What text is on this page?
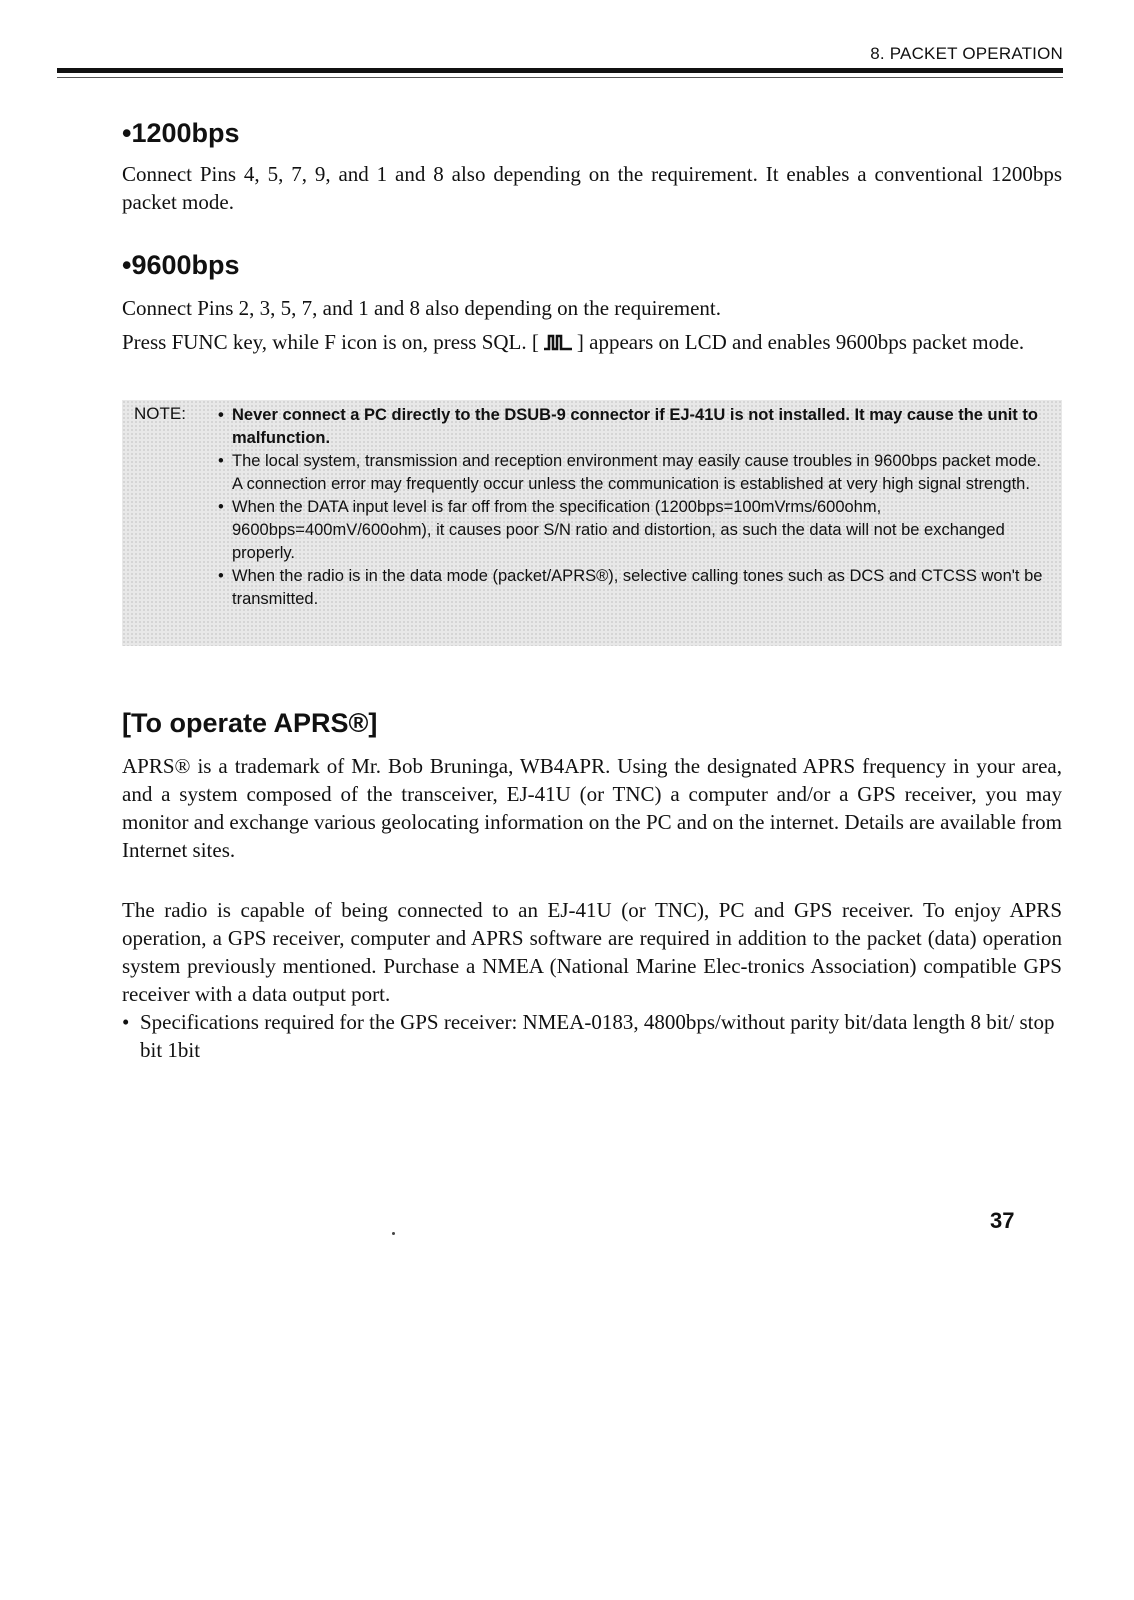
8. PACKET OPERATION
•1200bps

Connect Pins 4, 5, 7, 9, and 1 and 8 also depending on the requirement. It enables a conventional 1200bps packet mode.

•9600bps

Connect Pins 2, 3, 5, 7, and 1 and 8 also depending on the requirement.

Press FUNC key, while F icon is on, press SQL. [ ] appears on LCD and enables 9600bps packet mode.

NOTE:
•	Never connect a PC directly to the DSUB-9 connector if EJ-41U is not installed. It may cause the unit to malfunction.
• The local system, transmission and reception environment may easily cause troubles in 9600bps packet mode. A connection error may frequently occur unless the communication is established at very high signal strength.
• When the DATA input level is far off from the specification (1200bps=100mVrms/600ohm, 9600bps=400mV/600ohm), it causes poor S/N ratio and distortion, as such the data will not be exchanged properly.
• When the radio is in the data mode (packet/APRS®), selective calling tones such as DCS and CTCSS won't be transmitted.
[To operate APRS®]

APRS® is a trademark of Mr. Bob Bruninga, WB4APR. Using the designated APRS frequency in your area, and a system composed of the transceiver, EJ-41U (or TNC) a computer and/or a GPS receiver, you may monitor and exchange various geolocating information on the PC and on the internet. Details are available from Internet sites.

The radio is capable of being connected to an EJ-41U (or TNC), PC and GPS receiver. To enjoy APRS operation, a GPS receiver, computer and APRS software are required in addition to the packet (data) operation system previously mentioned. Purchase a NMEA (National Marine Elec-tronics Association) compatible GPS receiver with a data output port.

• Specifications required for the GPS receiver: NMEA-0183, 4800bps/without parity bit/data length 8 bit/ stop bit 1bit
37
